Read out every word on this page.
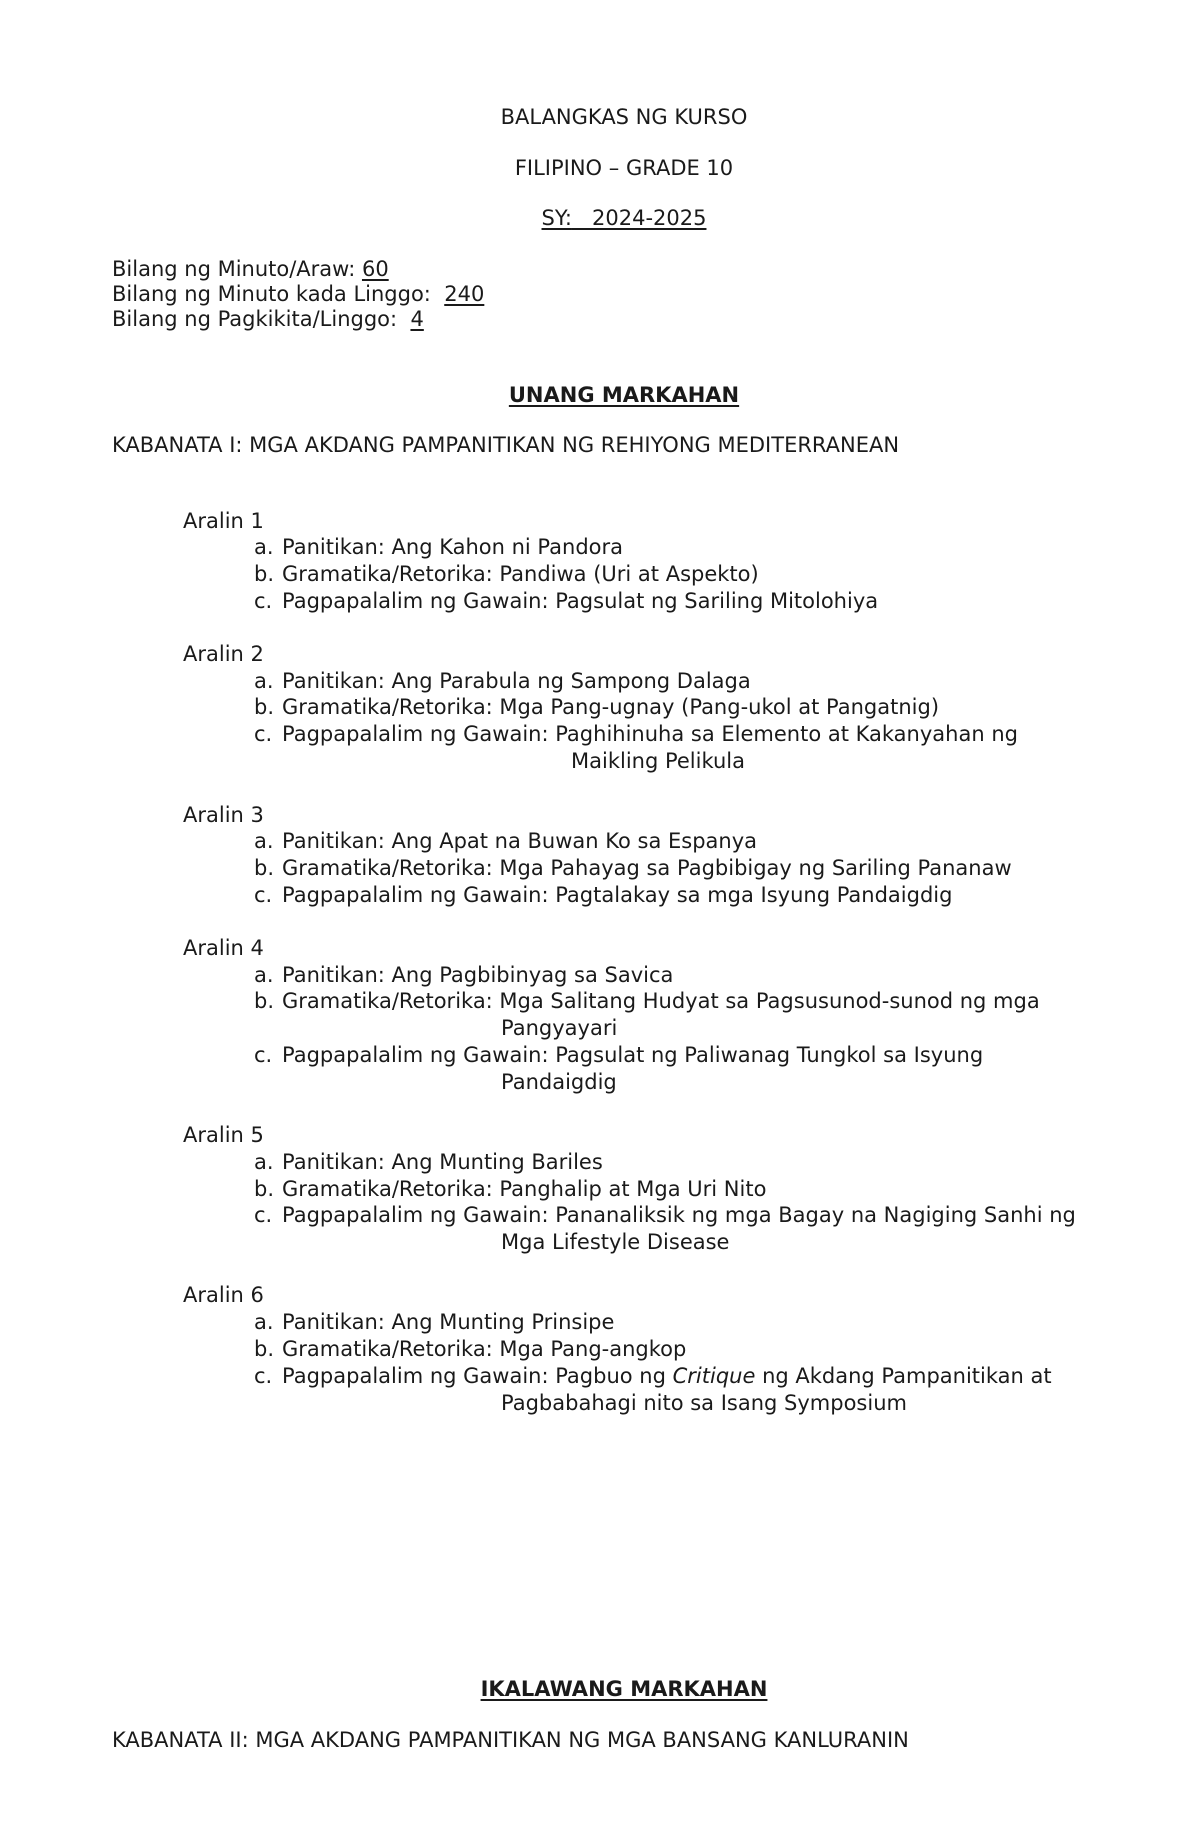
BALANGKAS NG KURSO
FILIPINO – GRADE 10
SY: 2024-2025
Bilang ng Minuto/Araw: 60
Bilang ng Minuto kada Linggo: 240
Bilang ng Pagkikita/Linggo: 4
UNANG MARKAHAN
KABANATA I: MGA AKDANG PAMPANITIKAN NG REHIYONG MEDITERRANEAN
Aralin 1
a. Panitikan: Ang Kahon ni Pandora
b. Gramatika/Retorika: Pandiwa (Uri at Aspekto)
c. Pagpapalalim ng Gawain: Pagsulat ng Sariling Mitolohiya
Aralin 2
a. Panitikan: Ang Parabula ng Sampong Dalaga
b. Gramatika/Retorika: Mga Pang-ugnay (Pang-ukol at Pangatnig)
c. Pagpapalalim ng Gawain: Paghihinuha sa Elemento at Kakanyahan ng
Maikling Pelikula
Aralin 3
a. Panitikan: Ang Apat na Buwan Ko sa Espanya
b. Gramatika/Retorika: Mga Pahayag sa Pagbibigay ng Sariling Pananaw
c. Pagpapalalim ng Gawain: Pagtalakay sa mga Isyung Pandaigdig
Aralin 4
a. Panitikan: Ang Pagbibinyag sa Savica
b. Gramatika/Retorika: Mga Salitang Hudyat sa Pagsusunod-sunod ng mga
Pangyayari
c. Pagpapalalim ng Gawain: Pagsulat ng Paliwanag Tungkol sa Isyung
Pandaigdig
Aralin 5
a. Panitikan: Ang Munting Bariles
b. Gramatika/Retorika: Panghalip at Mga Uri Nito
c. Pagpapalalim ng Gawain: Pananaliksik ng mga Bagay na Nagiging Sanhi ng
Mga Lifestyle Disease
Aralin 6
a. Panitikan: Ang Munting Prinsipe
b. Gramatika/Retorika: Mga Pang-angkop
c. Pagpapalalim ng Gawain: Pagbuo ng Critique ng Akdang Pampanitikan at
Pagbabahagi nito sa Isang Symposium
IKALAWANG MARKAHAN
KABANATA II: MGA AKDANG PAMPANITIKAN NG MGA BANSANG KANLURANIN
